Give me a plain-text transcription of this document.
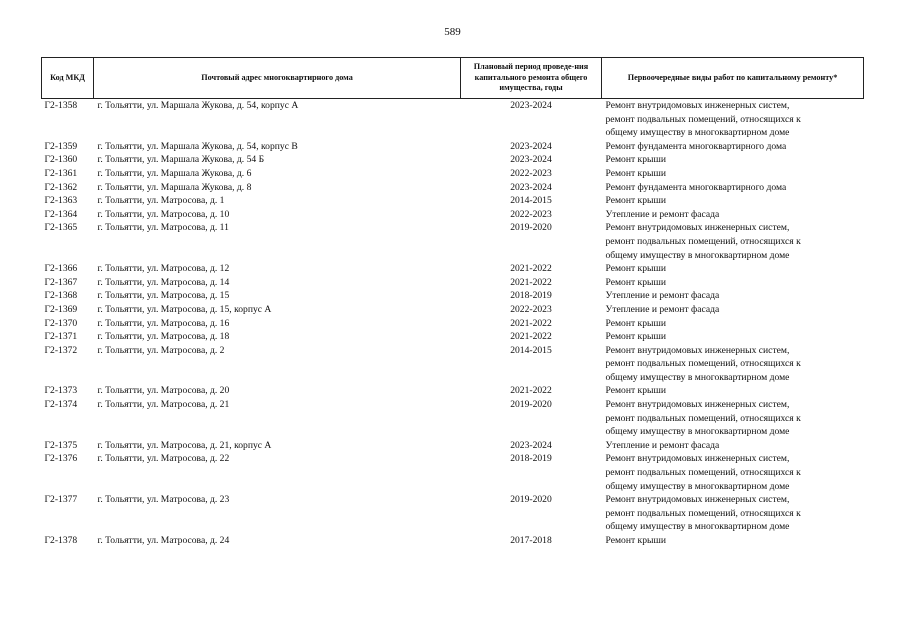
589
Код МКД	Почтовый адрес многоквартирного дома	Плановый период проведе-ния капитального ремонта общего имущества, годы	Первоочередные виды работ по капитальному ремонту*
Г2-1358	г. Тольятти, ул. Маршала Жукова, д. 54, корпус А	2023-2024	Ремонт внутридомовых инженерных систем,
ремонт подвальных помещений, относящихся к
общему имуществу в многоквартирном доме

Г2-1359	г. Тольятти, ул. Маршала Жукова, д. 54, корпус В	2023-2024	Ремонт фундамента многоквартирного дома

Г2-1360	г. Тольятти, ул. Маршала Жукова, д. 54 Б	2023-2024	Ремонт крыши

Г2-1361	г. Тольятти, ул. Маршала Жукова, д. 6	2022-2023	Ремонт крыши

Г2-1362	г. Тольятти, ул. Маршала Жукова, д. 8	2023-2024	Ремонт фундамента многоквартирного дома

Г2-1363	г. Тольятти, ул. Матросова, д. 1	2014-2015	Ремонт крыши

Г2-1364	г. Тольятти, ул. Матросова, д. 10	2022-2023	Утепление и ремонт фасада

Г2-1365	г. Тольятти, ул. Матросова, д. 11	2019-2020	Ремонт внутридомовых инженерных систем,
ремонт подвальных помещений, относящихся к
общему имуществу в многоквартирном доме

Г2-1366	г. Тольятти, ул. Матросова, д. 12	2021-2022	Ремонт крыши

Г2-1367	г. Тольятти, ул. Матросова, д. 14	2021-2022	Ремонт крыши

Г2-1368	г. Тольятти, ул. Матросова, д. 15	2018-2019	Утепление и ремонт фасада

Г2-1369	г. Тольятти, ул. Матросова, д. 15, корпус А	2022-2023	Утепление и ремонт фасада

Г2-1370	г. Тольятти, ул. Матросова, д. 16	2021-2022	Ремонт крыши

Г2-1371	г. Тольятти, ул. Матросова, д. 18	2021-2022	Ремонт крыши

Г2-1372	г. Тольятти, ул. Матросова, д. 2	2014-2015	Ремонт внутридомовых инженерных систем,
ремонт подвальных помещений, относящихся к
общему имуществу в многоквартирном доме

Г2-1373	г. Тольятти, ул. Матросова, д. 20	2021-2022	Ремонт крыши

Г2-1374	г. Тольятти, ул. Матросова, д. 21	2019-2020	Ремонт внутридомовых инженерных систем,
ремонт подвальных помещений, относящихся к
общему имуществу в многоквартирном доме

Г2-1375	г. Тольятти, ул. Матросова, д. 21, корпус А	2023-2024	Утепление и ремонт фасада

Г2-1376	г. Тольятти, ул. Матросова, д. 22	2018-2019	Ремонт внутридомовых инженерных систем,
ремонт подвальных помещений, относящихся к
общему имуществу в многоквартирном доме

Г2-1377	г. Тольятти, ул. Матросова, д. 23	2019-2020	Ремонт внутридомовых инженерных систем,
ремонт подвальных помещений, относящихся к
общему имуществу в многоквартирном доме

Г2-1378	г. Тольятти, ул. Матросова, д. 24	2017-2018	Ремонт крыши
